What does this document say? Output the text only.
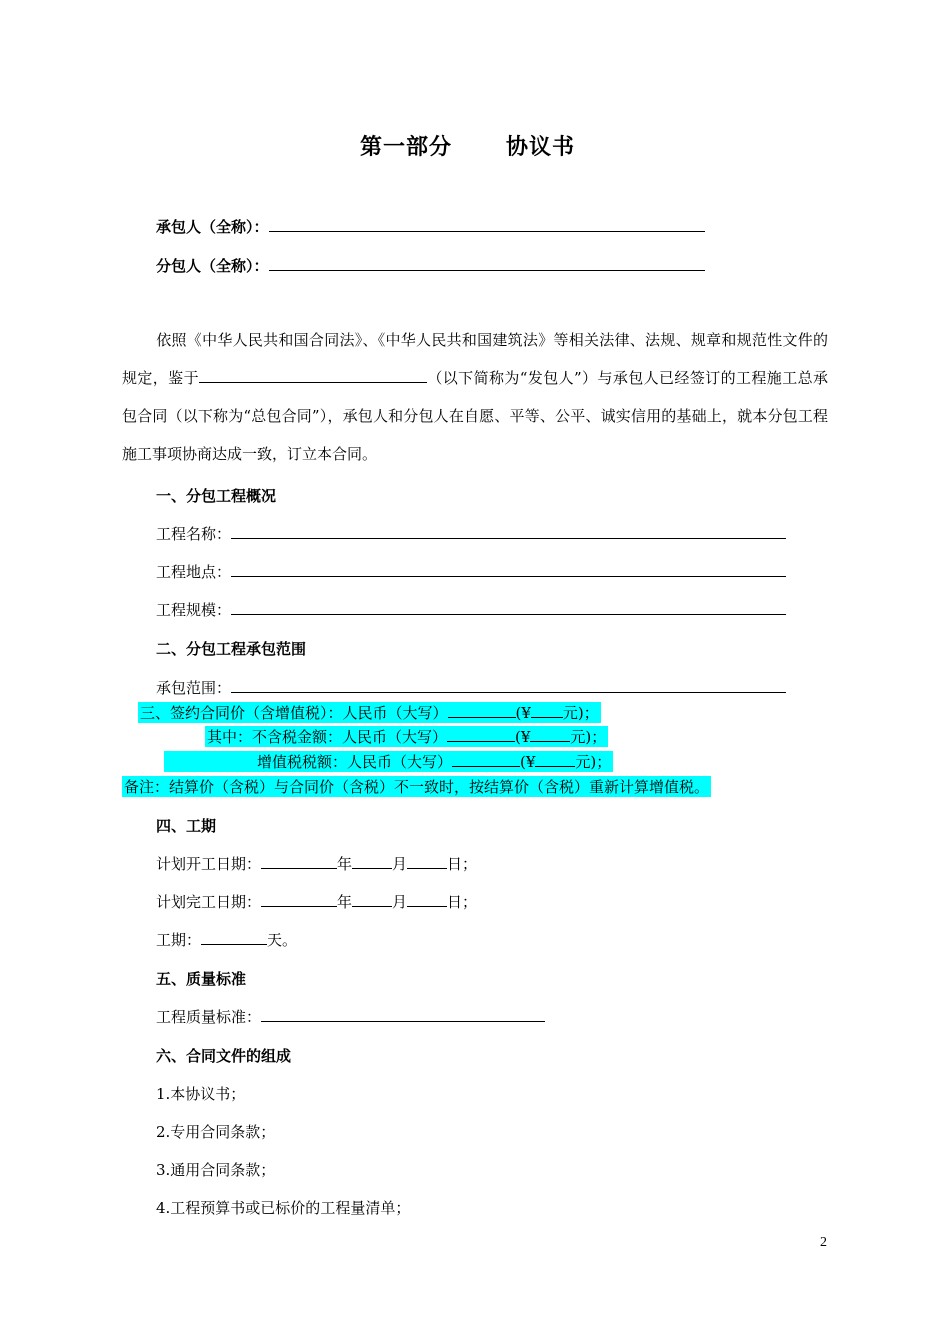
第一部分 协议书
承包人（全称）：
分包人（全称）：
依照《中华人民共和国合同法》、《中华人民共和国建筑法》等相关法律、法规、规章和规范性文件的规定，鉴于	（以下简称为“发包人”）与承包人已经签订的工程施工总承包合同（以下称为“总包合同”），承包人和分包人在自愿、平等、公平、诚实信用的基础上，就本分包工程施工事项协商达成一致，订立本合同。
一、分包工程概况
工程名称：
工程地点：
工程规模：
二、分包工程承包范围
承包范围：
三、签约合同价（含增值税）：人民币（大写）	(¥ 元)；
其中：不含税金额：人民币（大写）	(¥	元)；
增值税税额：人民币（大写）	(¥	元)；
备注：结算价（含税）与合同价（含税）不一致时，按结算价（含税）重新计算增值税。
四、工期
计划开工日期：	年	月	日；
计划完工日期：	年	月	日；
工期：	天。
五、质量标准
工程质量标准：
六、合同文件的组成
1.本协议书；
2.专用合同条款；
3.通用合同条款；
4.工程预算书或已标价的工程量清单；
2
